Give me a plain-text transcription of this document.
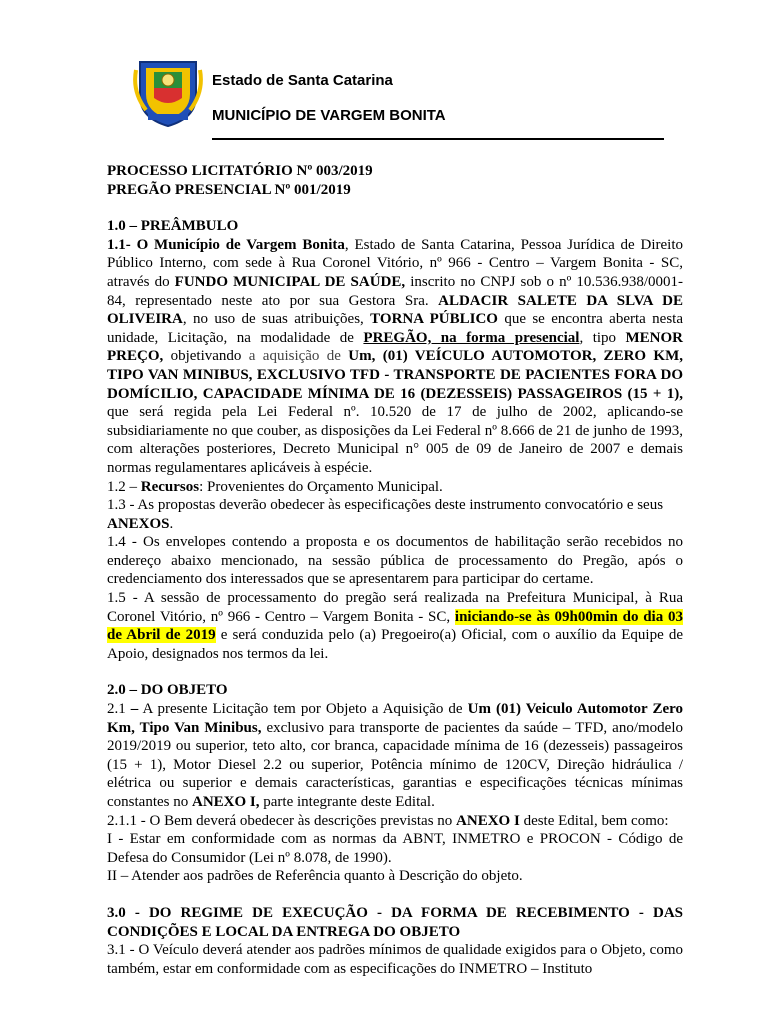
Estado de Santa Catarina
MUNICÍPIO DE VARGEM BONITA

PROCESSO LICITATÓRIO Nº 003/2019

PREGÃO PRESENCIAL Nº 001/2019

1.0 – PREÂMBULO

1.1- O Município de Vargem Bonita, Estado de Santa Catarina, Pessoa Jurídica de Direito Público Interno, com sede à Rua Coronel Vitório, nº 966 - Centro – Vargem Bonita - SC, através do FUNDO MUNICIPAL DE SAÚDE, inscrito no CNPJ sob o nº 10.536.938/0001-84, representado neste ato por sua Gestora Sra. ALDACIR SALETE DA SLVA DE OLIVEIRA, no uso de suas atribuições, TORNA PÚBLICO que se encontra aberta nesta unidade, Licitação, na modalidade de PREGÃO, na forma presencial, tipo MENOR PREÇO, objetivando a aquisição de Um, (01) VEÍCULO AUTOMOTOR, ZERO KM, TIPO VAN MINIBUS, EXCLUSIVO TFD - TRANSPORTE DE PACIENTES FORA DO DOMÍCILIO, CAPACIDADE MÍNIMA DE 16 (DEZESSEIS) PASSAGEIROS (15 + 1), que será regida pela Lei Federal nº. 10.520 de 17 de julho de 2002, aplicando-se subsidiariamente no que couber, as disposições da Lei Federal nº 8.666 de 21 de junho de 1993, com alterações posteriores, Decreto Municipal n° 005 de 09 de Janeiro de 2007 e demais normas regulamentares aplicáveis à espécie.

1.2 – Recursos: Provenientes do Orçamento Municipal.

1.3 - As propostas deverão obedecer às especificações deste instrumento convocatório e seus ANEXOS.

1.4 - Os envelopes contendo a proposta e os documentos de habilitação serão recebidos no endereço abaixo mencionado, na sessão pública de processamento do Pregão, após o credenciamento dos interessados que se apresentarem para participar do certame.

1.5 - A sessão de processamento do pregão será realizada na Prefeitura Municipal, à Rua Coronel Vitório, nº 966 - Centro – Vargem Bonita - SC, iniciando-se às 09h00min do dia 03 de Abril de 2019 e será conduzida pelo (a) Pregoeiro(a) Oficial, com o auxílio da Equipe de Apoio, designados nos termos da lei.

2.0 – DO OBJETO

2.1 – A presente Licitação tem por Objeto a Aquisição de Um (01) Veiculo Automotor Zero Km, Tipo Van Minibus, exclusivo para transporte de pacientes da saúde – TFD, ano/modelo 2019/2019 ou superior, teto alto, cor branca, capacidade mínima de 16 (dezesseis) passageiros (15 + 1), Motor Diesel 2.2 ou superior, Potência mínimo de 120CV, Direção hidráulica / elétrica ou superior e demais características, garantias e especificações técnicas mínimas constantes no ANEXO I, parte integrante deste Edital.

2.1.1 - O Bem deverá obedecer às descrições previstas no ANEXO I deste Edital, bem como:

I - Estar em conformidade com as normas da ABNT, INMETRO e PROCON - Código de Defesa do Consumidor (Lei nº 8.078, de 1990).

II – Atender aos padrões de Referência quanto à Descrição do objeto.

3.0 - DO REGIME DE EXECUÇÃO - DA FORMA DE RECEBIMENTO - DAS CONDIÇÕES E LOCAL DA ENTREGA DO OBJETO

3.1 - O Veículo deverá atender aos padrões mínimos de qualidade exigidos para o Objeto, como também, estar em conformidade com as especificações do INMETRO – Instituto
